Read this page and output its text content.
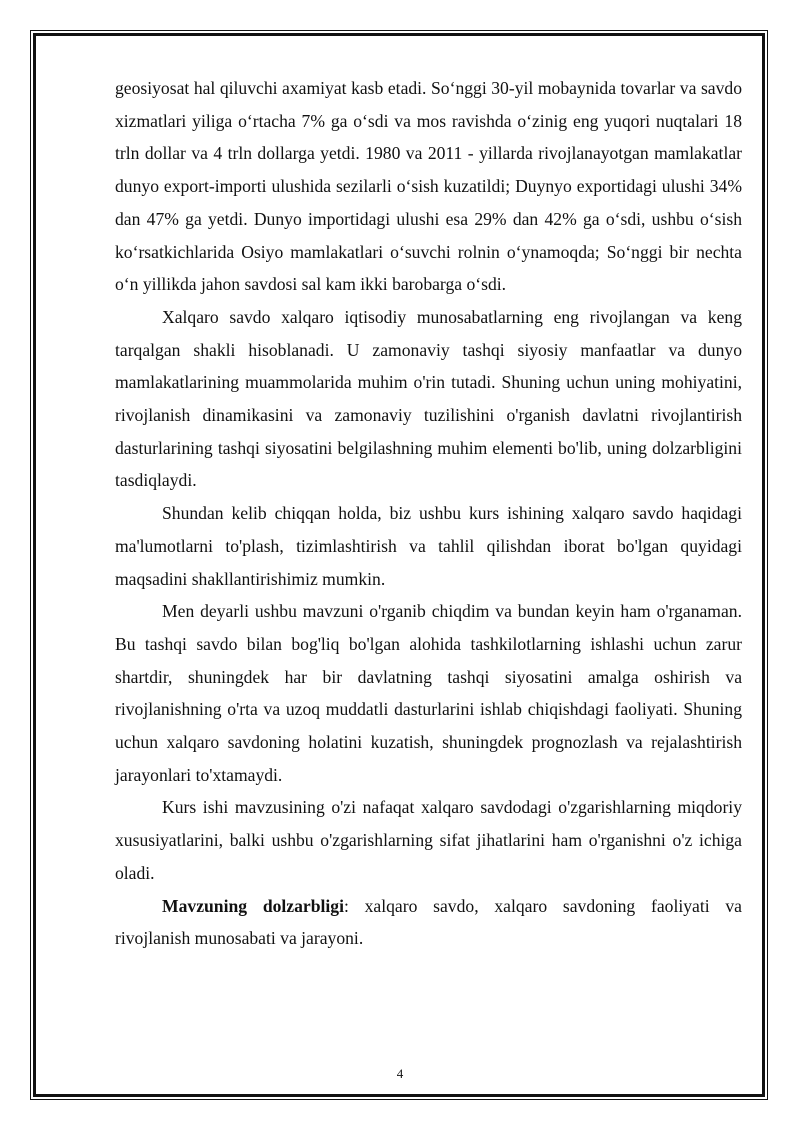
geosiyosat hal qiluvchi axamiyat kasb etadi. So‘nggi 30-yil mobaynida tovarlar va savdo xizmatlari yiliga o‘rtacha 7% ga o‘sdi va mos ravishda o‘zinig eng yuqori nuqtalari 18 trln dollar va 4 trln dollarga yetdi. 1980 va 2011 - yillarda rivojlanayotgan mamlakatlar dunyo export-importi ulushida sezilarli o‘sish kuzatildi; Duynyo exportidagi ulushi 34% dan 47% ga yetdi. Dunyo importidagi ulushi esa 29% dan 42% ga o‘sdi, ushbu o‘sish ko‘rsatkichlarida Osiyo mamlakatlari o‘suvchi rolnin o‘ynamoqda; So‘nggi bir nechta o‘n yillikda jahon savdosi sal kam ikki barobarga o‘sdi.

Xalqaro savdo xalqaro iqtisodiy munosabatlarning eng rivojlangan va keng tarqalgan shakli hisoblanadi. U zamonaviy tashqi siyosiy manfaatlar va dunyo mamlakatlarining muammolarida muhim o'rin tutadi. Shuning uchun uning mohiyatini, rivojlanish dinamikasini va zamonaviy tuzilishini o'rganish davlatni rivojlantirish dasturlarining tashqi siyosatini belgilashning muhim elementi bo'lib, uning dolzarbligini tasdiqlaydi.

Shundan kelib chiqqan holda, biz ushbu kurs ishining xalqaro savdo haqidagi ma'lumotlarni to'plash, tizimlashtirish va tahlil qilishdan iborat bo'lgan quyidagi maqsadini shakllantirishimiz mumkin.

Men deyarli ushbu mavzuni o'rganib chiqdim va bundan keyin ham o'rganaman. Bu tashqi savdo bilan bog'liq bo'lgan alohida tashkilotlarning ishlashi uchun zarur shartdir, shuningdek har bir davlatning tashqi siyosatini amalga oshirish va rivojlanishning o'rta va uzoq muddatli dasturlarini ishlab chiqishdagi faoliyati. Shuning uchun xalqaro savdoning holatini kuzatish, shuningdek prognozlash va rejalashtirish jarayonlari to'xtamaydi.

Kurs ishi mavzusining o'zi nafaqat xalqaro savdodagi o'zgarishlarning miqdoriy xususiyatlarini, balki ushbu o'zgarishlarning sifat jihatlarini ham o'rganishni o'z ichiga oladi.

Mavzuning dolzarbligi: xalqaro savdo, xalqaro savdoning faoliyati va rivojlanish munosabati va jarayoni.

4
